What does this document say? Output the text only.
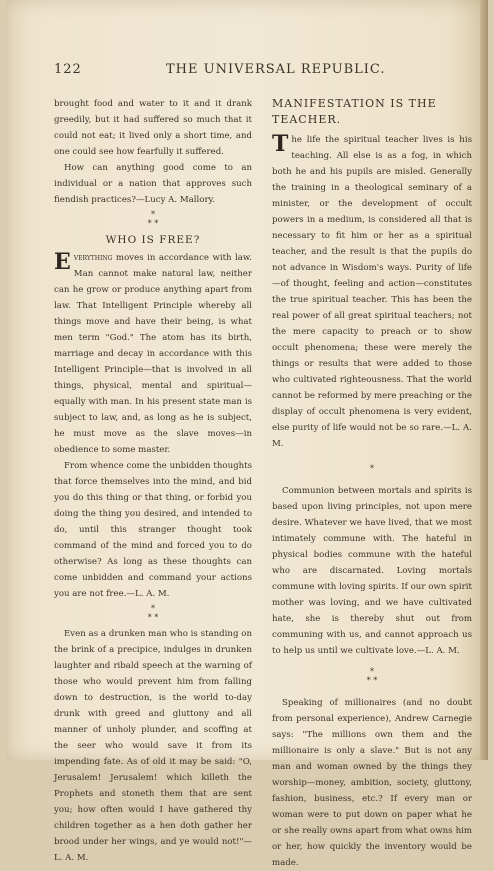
122	THE UNIVERSAL REPUBLIC.

brought food and water to it and it drank greedily, but it had suffered so much that it could not eat; it lived only a short time, and one could see how fearfully it suffered.

How can anything good come to an individual or a nation that approves such fiendish practices?—Lucy A. Mallory.

*
* *
WHO IS FREE?

Everything moves in accordance with law. Man cannot make natural law, neither can he grow or produce anything apart from law. That Intelligent Principle whereby all things move and have their being, is what men term "God." The atom has its birth, marriage and decay in accordance with this Intelligent Principle—that is involved in all things, physical, mental and spiritual—equally with man. In his present state man is subject to law, and, as long as he is subject, he must move as the slave moves—in obedience to some master.

From whence come the unbidden thoughts that force themselves into the mind, and bid you do this thing or that thing, or forbid you doing the thing you desired, and intended to do, until this stranger thought took command of the mind and forced you to do otherwise? As long as these thoughts can come unbidden and command your actions you are not free.—L. A. M.

*
* *

Even as a drunken man who is standing on the brink of a precipice, indulges in drunken laughter and ribald speech at the warning of those who would prevent him from falling down to destruction, is the world to-day drunk with greed and gluttony and all manner of unholy plunder, and scoffing at the seer who would save it from its impending fate. As of old it may be said: "O, Jerusalem! Jerusalem! which killeth the Prophets and stoneth them that are sent you; how often would I have gathered thy children together as a hen doth gather her brood under her wings, and ye would not!"—L. A. M.

MANIFESTATION IS THE TEACHER.

The life the spiritual teacher lives is his teaching. All else is as a fog, in which both he and his pupils are misled. Generally the training in a theological seminary of a minister, or the development of occult powers in a medium, is considered all that is necessary to fit him or her as a spiritual teacher, and the result is that the pupils do not advance in Wisdom's ways. Purity of life—of thought, feeling and action—constitutes the true spiritual teacher. This has been the real power of all great spiritual teachers; not the mere capacity to preach or to show occult phenomena; these were merely the things or results that were added to those who cultivated righteousness. That the world cannot be reformed by mere preaching or the display of occult phenomena is very evident, else purity of life would not be so rare.—L. A. M.

*

Communion between mortals and spirits is based upon living principles, not upon mere desire. Whatever we have lived, that we most intimately commune with. The hateful in physical bodies commune with the hateful who are discarnated. Loving mortals commune with loving spirits. If our own spirit mother was loving, and we have cultivated hate, she is thereby shut out from communing with us, and cannot approach us to help us until we cultivate love.—L. A. M.

*
* *

Speaking of millionaires (and no doubt from personal experience), Andrew Carnegie says: "The millions own them and the millionaire is only a slave." But is not any man and woman owned by the things they worship—money, ambition, society, gluttony, fashion, business, etc.? If every man or woman were to put down on paper what he or she really owns apart from what owns him or her, how quickly the inventory would be made.
